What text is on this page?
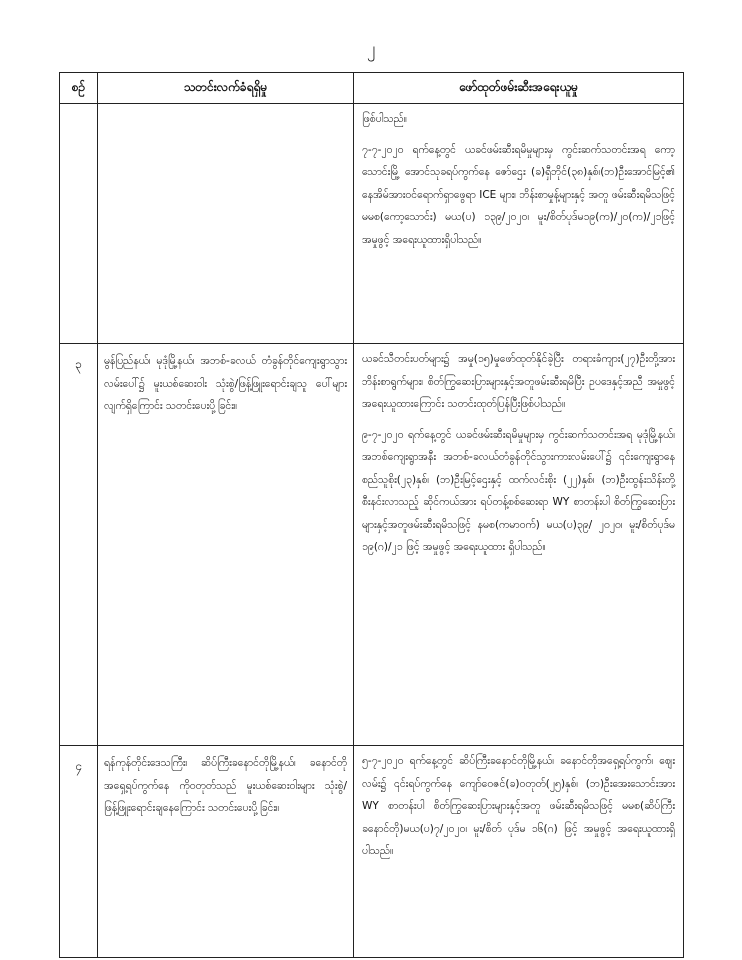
၂
စဉ်	သတင်းလက်ခံရရှိမှု	ဖော်ထုတ်ဖမ်းဆီးအရေးယူမှု

		ဖြစ်ပါသည်။

၇-၇-၂၀၂၀ ရက်နေ့တွင် ယခင်ဖမ်းဆီးရမိမှုများမှ ကွင်းဆက်သတင်းအရ ကော့သောင်းမြို့ အောင်သုခရပ်ကွက်နေ ဇော်ဌေး (ခ)ရှီဘိုင်(၃၈)နှစ်၊(ဘ)ဦးအောင်မြင့်၏ နေအိမ်အားဝင်ရောက်ရှာဖွေရာ ICE များ၊ ဘိန်းစာမှုန့်များနှင့် အတူ ဖမ်းဆီးရမိသဖြင့် မမစ(ကော့သောင်း) မယ(ပ) ၁၃၉/၂၀၂၀၊ မူး/စိတ်ပုဒ်မ၁၉(က)/၂၀(က)/၂၁ဖြင့် အမှုဖွင့် အရေးယူထားရှိပါသည်။

၃	မွန်ပြည်နယ်၊ မုဒုံမြို့နယ်၊ အဘစ်-ခလယ် တံခွန်တိုင်ကျေးရွာသွား လမ်းပေါ်၌ မူးယစ်ဆေးဝါး သုံးစွဲ/ဖြန့်ဖြူးရောင်းချသူ ပေါ်များလျက်ရှိကြောင်း သတင်းပေးပို့ခြင်း။	ယခင်သီတင်းပတ်များ၌ အမှု(၁၅)မှုဖော်ထုတ်နိုင်ခဲ့ပြီး တရားခံကျား(၂၇)ဦးတို့အား ဘိန်းစာရွက်များ၊ စိတ်ကြွဆေးပြားများနှင့်အတူဖမ်းဆီးရမိပြီး ဥပဒေနှင့်အညီ အမှုဖွင့် အရေးယူထားကြောင်း သတင်းထုတ်ပြန်ပြီးဖြစ်ပါသည်။

၉-၇-၂၀၂၀ ရက်နေ့တွင် ယခင်ဖမ်းဆီးရမိမှုများမှ ကွင်းဆက်သတင်းအရ မုဒုံမြို့နယ်၊ အဘစ်ကျေးရွာအနီး အဘစ်-ခလယ်တံခွန်တိုင်သွားကားလမ်းပေါ်၌ ၎င်းကျေးရွာနေ စည်သူစိုး(၂၃)နှစ်၊ (ဘ)ဦးမြင့်ဌေးနှင့် ထက်လင်းစိုး (၂၂)နှစ်၊ (ဘ)ဦးထွန်းသိန်းတို့ စီးနင်းလာသည့် ဆိုင်ကယ်အား ရပ်တန့်စစ်ဆေးရာ WY စာတန်းပါ စိတ်ကြွဆေးပြားများနှင့်အတူဖမ်းဆီးရမိသဖြင့် နမစ(ကမာဝက်) မယ(ပ)၃၉/ ၂၀၂၀၊ မူး/စိတ်ပုဒ်မ ၁၉(ဂ)/၂၁ ဖြင့် အမှုဖွင့် အရေးယူထား ရှိပါသည်။

၄	ရန်ကုန်တိုင်းဒေသကြီး၊ ဆိပ်ကြီးခနောင်တိုမြို့နယ်၊ ခနောင်တိုအရှေ့ရပ်ကွက်နေ ကိုဝတုတ်သည် မူးယစ်ဆေးဝါးများ သုံးစွဲ/ဖြန့်ဖြူးရောင်းချနေကြောင်း သတင်းပေးပို့ခြင်း။	၅-၇-၂၀၂၀ ရက်နေ့တွင် ဆိပ်ကြီးခနောင်တိုမြို့နယ်၊ ခနောင်တိုအရှေ့ရပ်ကွက်၊ ဈေးလမ်း၌ ၎င်းရပ်ကွက်နေ ကျော်ဝေဇင်(ခ)ဝတုတ်(၂၅)နှစ်၊ (ဘ)ဦးအေးသောင်းအား WY စာတန်းပါ စိတ်ကြွဆေးပြားများနှင့်အတူ ဖမ်းဆီးရမိသဖြင့် မမစ(ဆိပ်ကြီးခနောင်တို)မယ(ပ)၇/၂၀၂၀၊ မူး/စိတ် ပုဒ်မ ၁၆(ဂ) ဖြင့် အမှုဖွင့် အရေးယူထားရှိပါသည်။
